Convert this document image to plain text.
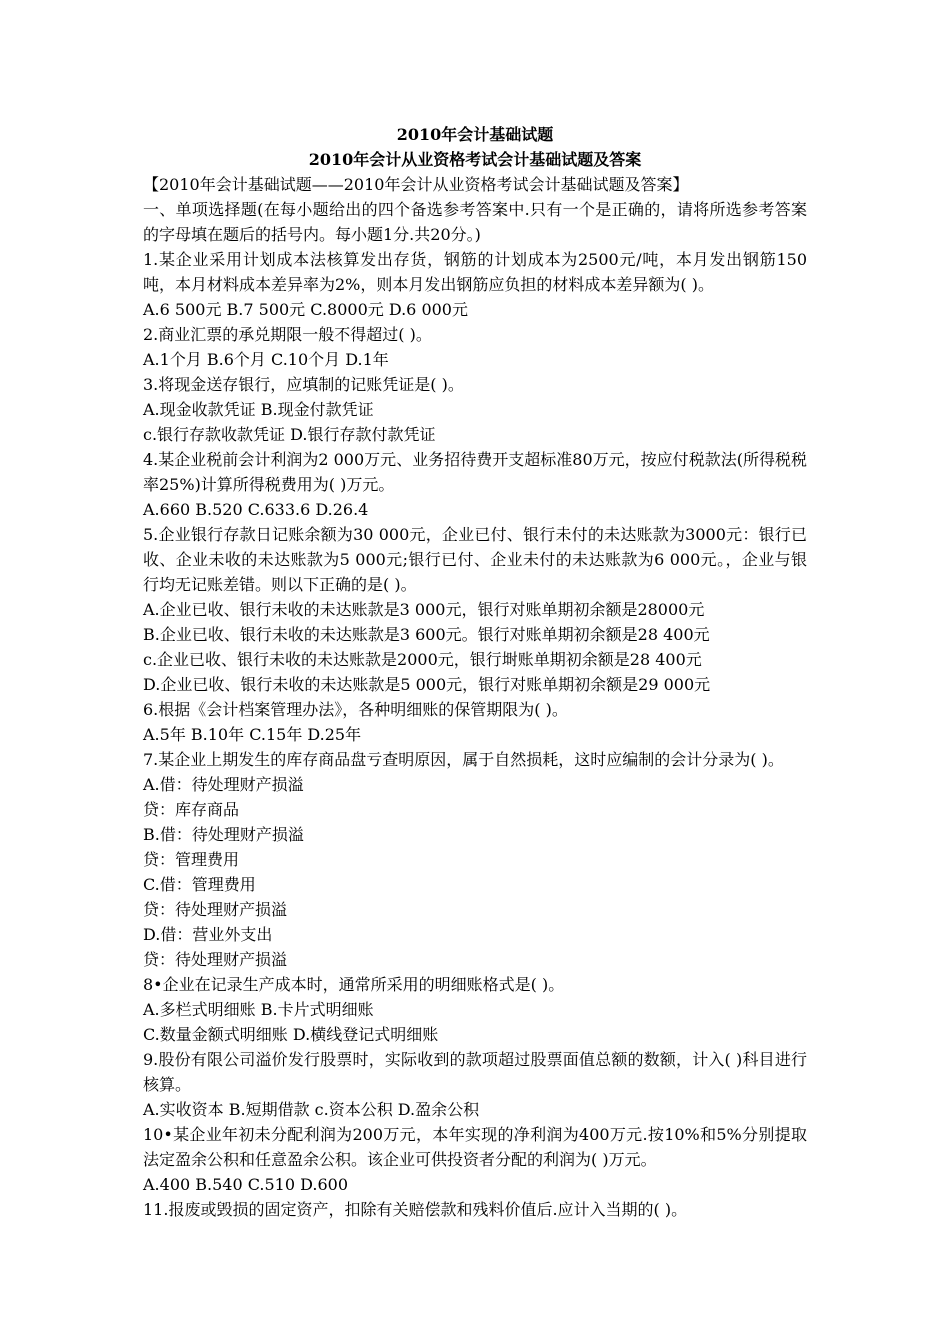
2010年会计基础试题

2010年会计从业资格考试会计基础试题及答案

【2010年会计基础试题——2010年会计从业资格考试会计基础试题及答案】

一、单项选择题(在每小题给出的四个备选参考答案中.只有一个是正确的，请将所选参考答案的字母填在题后的括号内。每小题1分.共20分。)

1.某企业采用计划成本法核算发出存货，钢筋的计划成本为2500元/吨，本月发出钢筋150吨，本月材料成本差异率为2%，则本月发出钢筋应负担的材料成本差异额为( )。

A.6 500元 B.7 500元 C.8000元 D.6 000元

2.商业汇票的承兑期限一般不得超过( )。

A.1个月 B.6个月 C.10个月 D.1年

3.将现金送存银行，应填制的记账凭证是( )。

A.现金收款凭证 B.现金付款凭证

c.银行存款收款凭证 D.银行存款付款凭证

4.某企业税前会计利润为2 000万元、业务招待费开支超标准80万元，按应付税款法(所得税税率25%)计算所得税费用为( )万元。

A.660 B.520 C.633.6 D.26.4

5.企业银行存款日记账余额为30 000元，企业已付、银行未付的未达账款为3000元：银行已收、企业未收的未达账款为5 000元;银行已付、企业未付的未达账款为6 000元。，企业与银行均无记账差错。则以下正确的是( )。

A.企业已收、银行未收的未达账款是3 000元，银行对账单期初余额是28000元

B.企业已收、银行未收的未达账款是3 600元。银行对账单期初余额是28 400元

c.企业已收、银行未收的未达账款是2000元，银行埘账单期初余额是28 400元

D.企业已收、银行未收的未达账款是5 000元，银行对账单期初余额是29 000元

6.根据《会计档案管理办法》，各种明细账的保管期限为( )。

A.5年 B.10年 C.15年 D.25年

7.某企业上期发生的库存商品盘亏查明原因，属于自然损耗，这时应编制的会计分录为( )。

A.借：待处理财产损溢

贷：库存商品

B.借：待处理财产损溢

贷：管理费用

C.借：管理费用

贷：待处理财产损溢

D.借：营业外支出

贷：待处理财产损溢

8•企业在记录生产成本时，通常所采用的明细账格式是( )。

A.多栏式明细账 B.卡片式明细账

C.数量金额式明细账 D.横线登记式明细账

9.股份有限公司溢价发行股票时，实际收到的款项超过股票面值总额的数额，计入( )科目进行核算。

A.实收资本 B.短期借款 c.资本公积 D.盈余公积

10•某企业年初未分配利润为200万元，本年实现的净利润为400万元.按10%和5%分别提取法定盈余公积和任意盈余公积。该企业可供投资者分配的利润为( )万元。

A.400 B.540 C.510 D.600

11.报废或毁损的固定资产，扣除有关赔偿款和残料价值后.应计入当期的( )。
